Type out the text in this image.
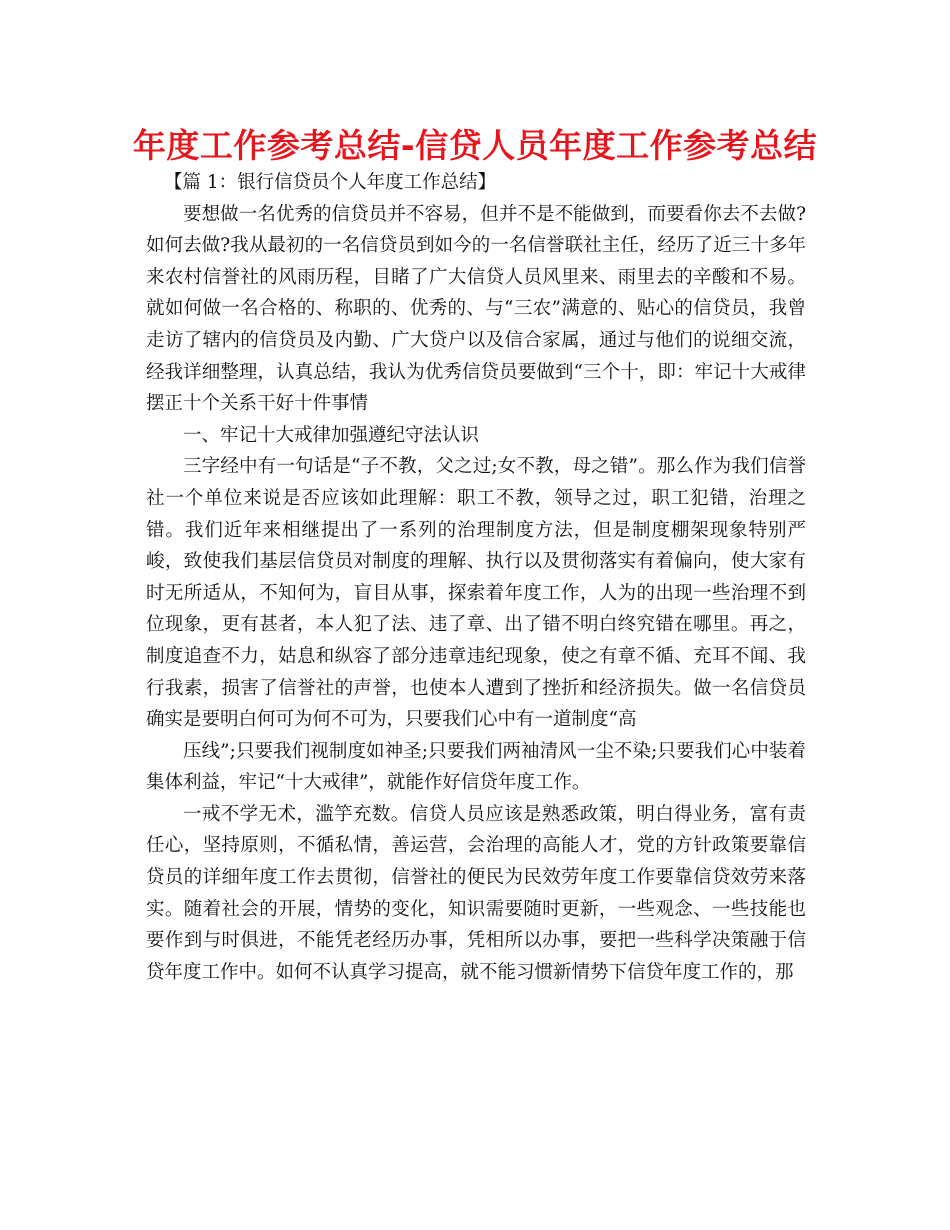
年度工作参考总结-信贷人员年度工作参考总结

【篇 1：银行信贷员个人年度工作总结】

要想做一名优秀的信贷员并不容易，但并不是不能做到，而要看你去不去做?如何去做?我从最初的一名信贷员到如今的一名信誉联社主任，经历了近三十多年来农村信誉社的风雨历程，目睹了广大信贷人员风里来、雨里去的辛酸和不易。就如何做一名合格的、称职的、优秀的、与“三农”满意的、贴心的信贷员，我曾走访了辖内的信贷员及内勤、广大贷户以及信合家属，通过与他们的说细交流，经我详细整理，认真总结，我认为优秀信贷员要做到“三个十，即：牢记十大戒律摆正十个关系干好十件事情

一、牢记十大戒律加强遵纪守法认识

三字经中有一句话是“子不教，父之过;女不教，母之错”。那么作为我们信誉社一个单位来说是否应该如此理解：职工不教，领导之过，职工犯错，治理之错。我们近年来相继提出了一系列的治理制度方法，但是制度棚架现象特别严峻，致使我们基层信贷员对制度的理解、执行以及贯彻落实有着偏向，使大家有时无所适从，不知何为，盲目从事，探索着年度工作，人为的出现一些治理不到位现象，更有甚者，本人犯了法、违了章、出了错不明白终究错在哪里。再之，制度追查不力，姑息和纵容了部分违章违纪现象，使之有章不循、充耳不闻、我行我素，损害了信誉社的声誉，也使本人遭到了挫折和经济损失。做一名信贷员确实是要明白何可为何不可为，只要我们心中有一道制度“高

压线”;只要我们视制度如神圣;只要我们两袖清风一尘不染;只要我们心中装着集体利益，牢记“十大戒律”，就能作好信贷年度工作。

一戒不学无术，滥竽充数。信贷人员应该是熟悉政策，明白得业务，富有责任心，坚持原则，不循私情，善运营，会治理的高能人才，党的方针政策要靠信贷员的详细年度工作去贯彻，信誉社的便民为民效劳年度工作要靠信贷效劳来落实。随着社会的开展，情势的变化，知识需要随时更新，一些观念、一些技能也要作到与时俱进，不能凭老经历办事，凭相所以办事，要把一些科学决策融于信贷年度工作中。如何不认真学习提高，就不能习惯新情势下信贷年度工作的，那
